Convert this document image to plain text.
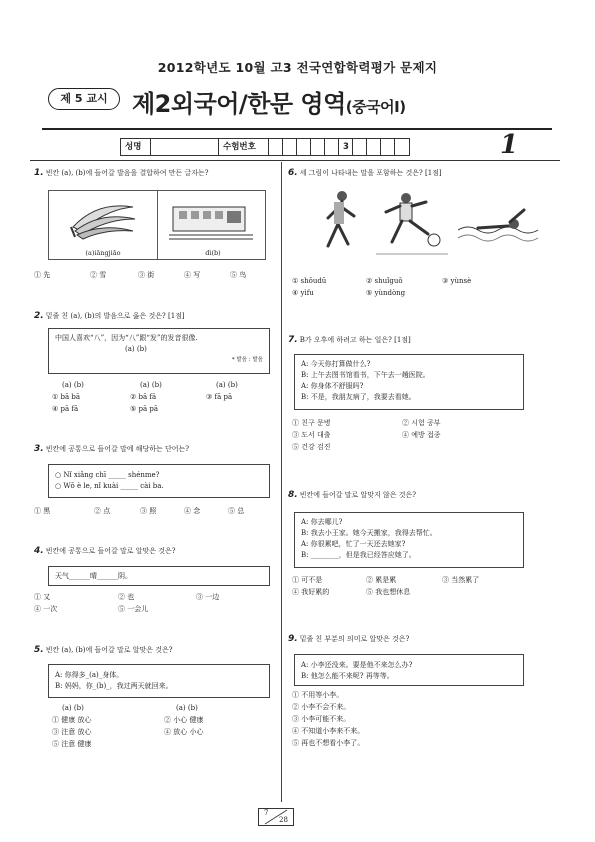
2012학년도 10월 고3 전국연합학력평가 문제지
제 5 교시	제2외국어/한문 영역(중국어Ⅰ)
성명	수험번호	3	1
1. 빈칸 (a), (b)에 들어갈 발음을 결합하여 만든 글자는?
(a)iāngjiāo	dì(b)
① 先	② 雪	③ 街	④ 写	⑤ 鸟
2. 밑줄 친 (a), (b)의 발음으로 옳은 것은? [1점]
中国人喜欢“八”，因为“八”跟“发”的发音很像.
(a) (b)
* 발음 : 발음
(a) (b)	(a) (b)	(a) (b)
① bā bā	② bā fā	③ fā pā
④ pā fā	⑤ pā pā
3. 빈칸에 공통으로 들어갈 말에 해당하는 단어는?
○ Nǐ xiǎng chī _____ shénme?
○ Wǒ è le, nǐ kuài _____ cài ba.
① 黑	② 点	③ 照	④ 念	⑤ 总
4. 빈칸에 공통으로 들어갈 말로 알맞은 것은?
天气______晴______阴。
① 又	② 也	③ 一边
④ 一次	⑤ 一会儿
5. 빈칸 (a), (b)에 들어갈 말로 알맞은 것은?
A: 你得多_(a)_身体。
B: 妈妈，你_(b)_，我过两天就回来。
(a) (b)	(a) (b)
① 健康 放心	② 小心 健康
③ 注意 放心	④ 放心 小心
⑤ 注意 健康
6. 세 그림이 나타내는 말을 포함하는 것은? [1점]
① shǒudū	② shuǐguǒ	③ yùnsè
④ yìfu	⑤ yùndòng
7. B가 오후에 하려고 하는 일은? [1점]
A: 今天你打算做什么?
B: 上午去图书馆看书，下午去一趟医院。
A: 你身体不舒服吗?
B: 不是，我朋友病了，我要去看她。
① 친구 문병	② 시험 공부
③ 도서 대출	④ 예방 접종
⑤ 건강 검진
8. 빈칸에 들어갈 말로 알맞지 않은 것은?
A: 你去哪儿?
B: 我去小王家。她今天搬家，我得去帮忙。
A: 你很累吧，忙了一天还去她家?
B: ________，但是我已经答应她了。
① 可不是	② 累是累	③ 当然累了
④ 我好累的	⑤ 我也想休息
9. 밑줄 친 부분의 의미로 알맞은 것은?
A: 小李还没来。要是他不来怎么办?
B: 他怎么能不来呢? 再等等。
① 不用等小李。
② 小李不会不来。
③ 小李可能不来。
④ 不知道小李来不来。
⑤ 再也不想看小李了。
7
28
